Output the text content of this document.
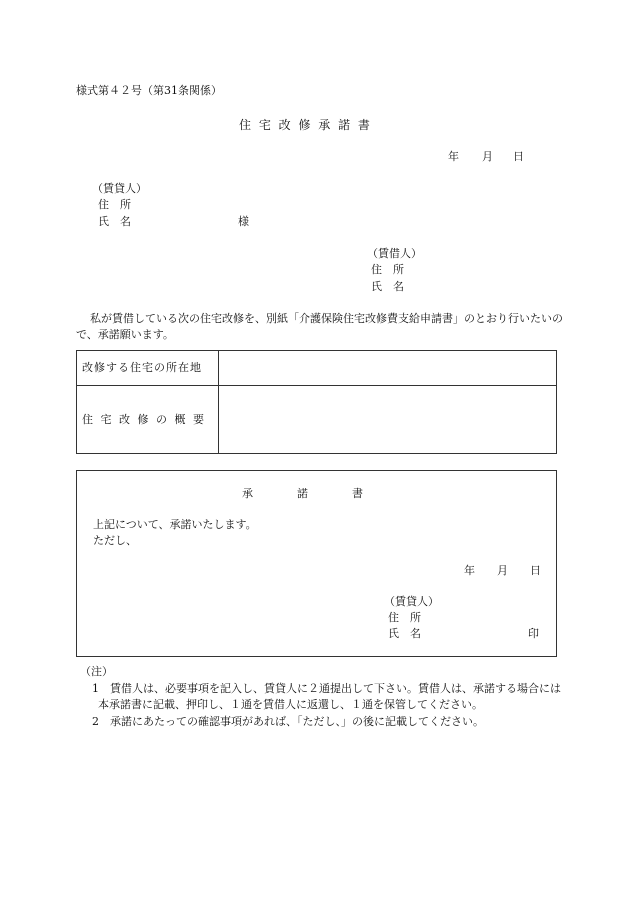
様式第４２号（第31条関係）
住 宅 改 修 承 諾 書
年 月 日
（賃貸人）
住　所
氏　名	様
（賃借人）
住　所
氏　名
私が賃借している次の住宅改修を、別紙「介護保険住宅改修費支給申請書」のとおり行いたいの
で、承諾願います。
改修する住宅の所在地
住 宅 改 修 の 概 要
承　　　　諾　　　　書
上記について、承諾いたします。
ただし、
年 月 日
（賃貸人）
住　所
氏　名	印
（注）
1 賃借人は、必要事項を記入し、賃貸人に２通提出して下さい。賃借人は、承諾する場合には
本承諾書に記載、押印し、１通を賃借人に返還し、１通を保管してください。
2 承諾にあたっての確認事項があれば、「ただし、」の後に記載してください。
